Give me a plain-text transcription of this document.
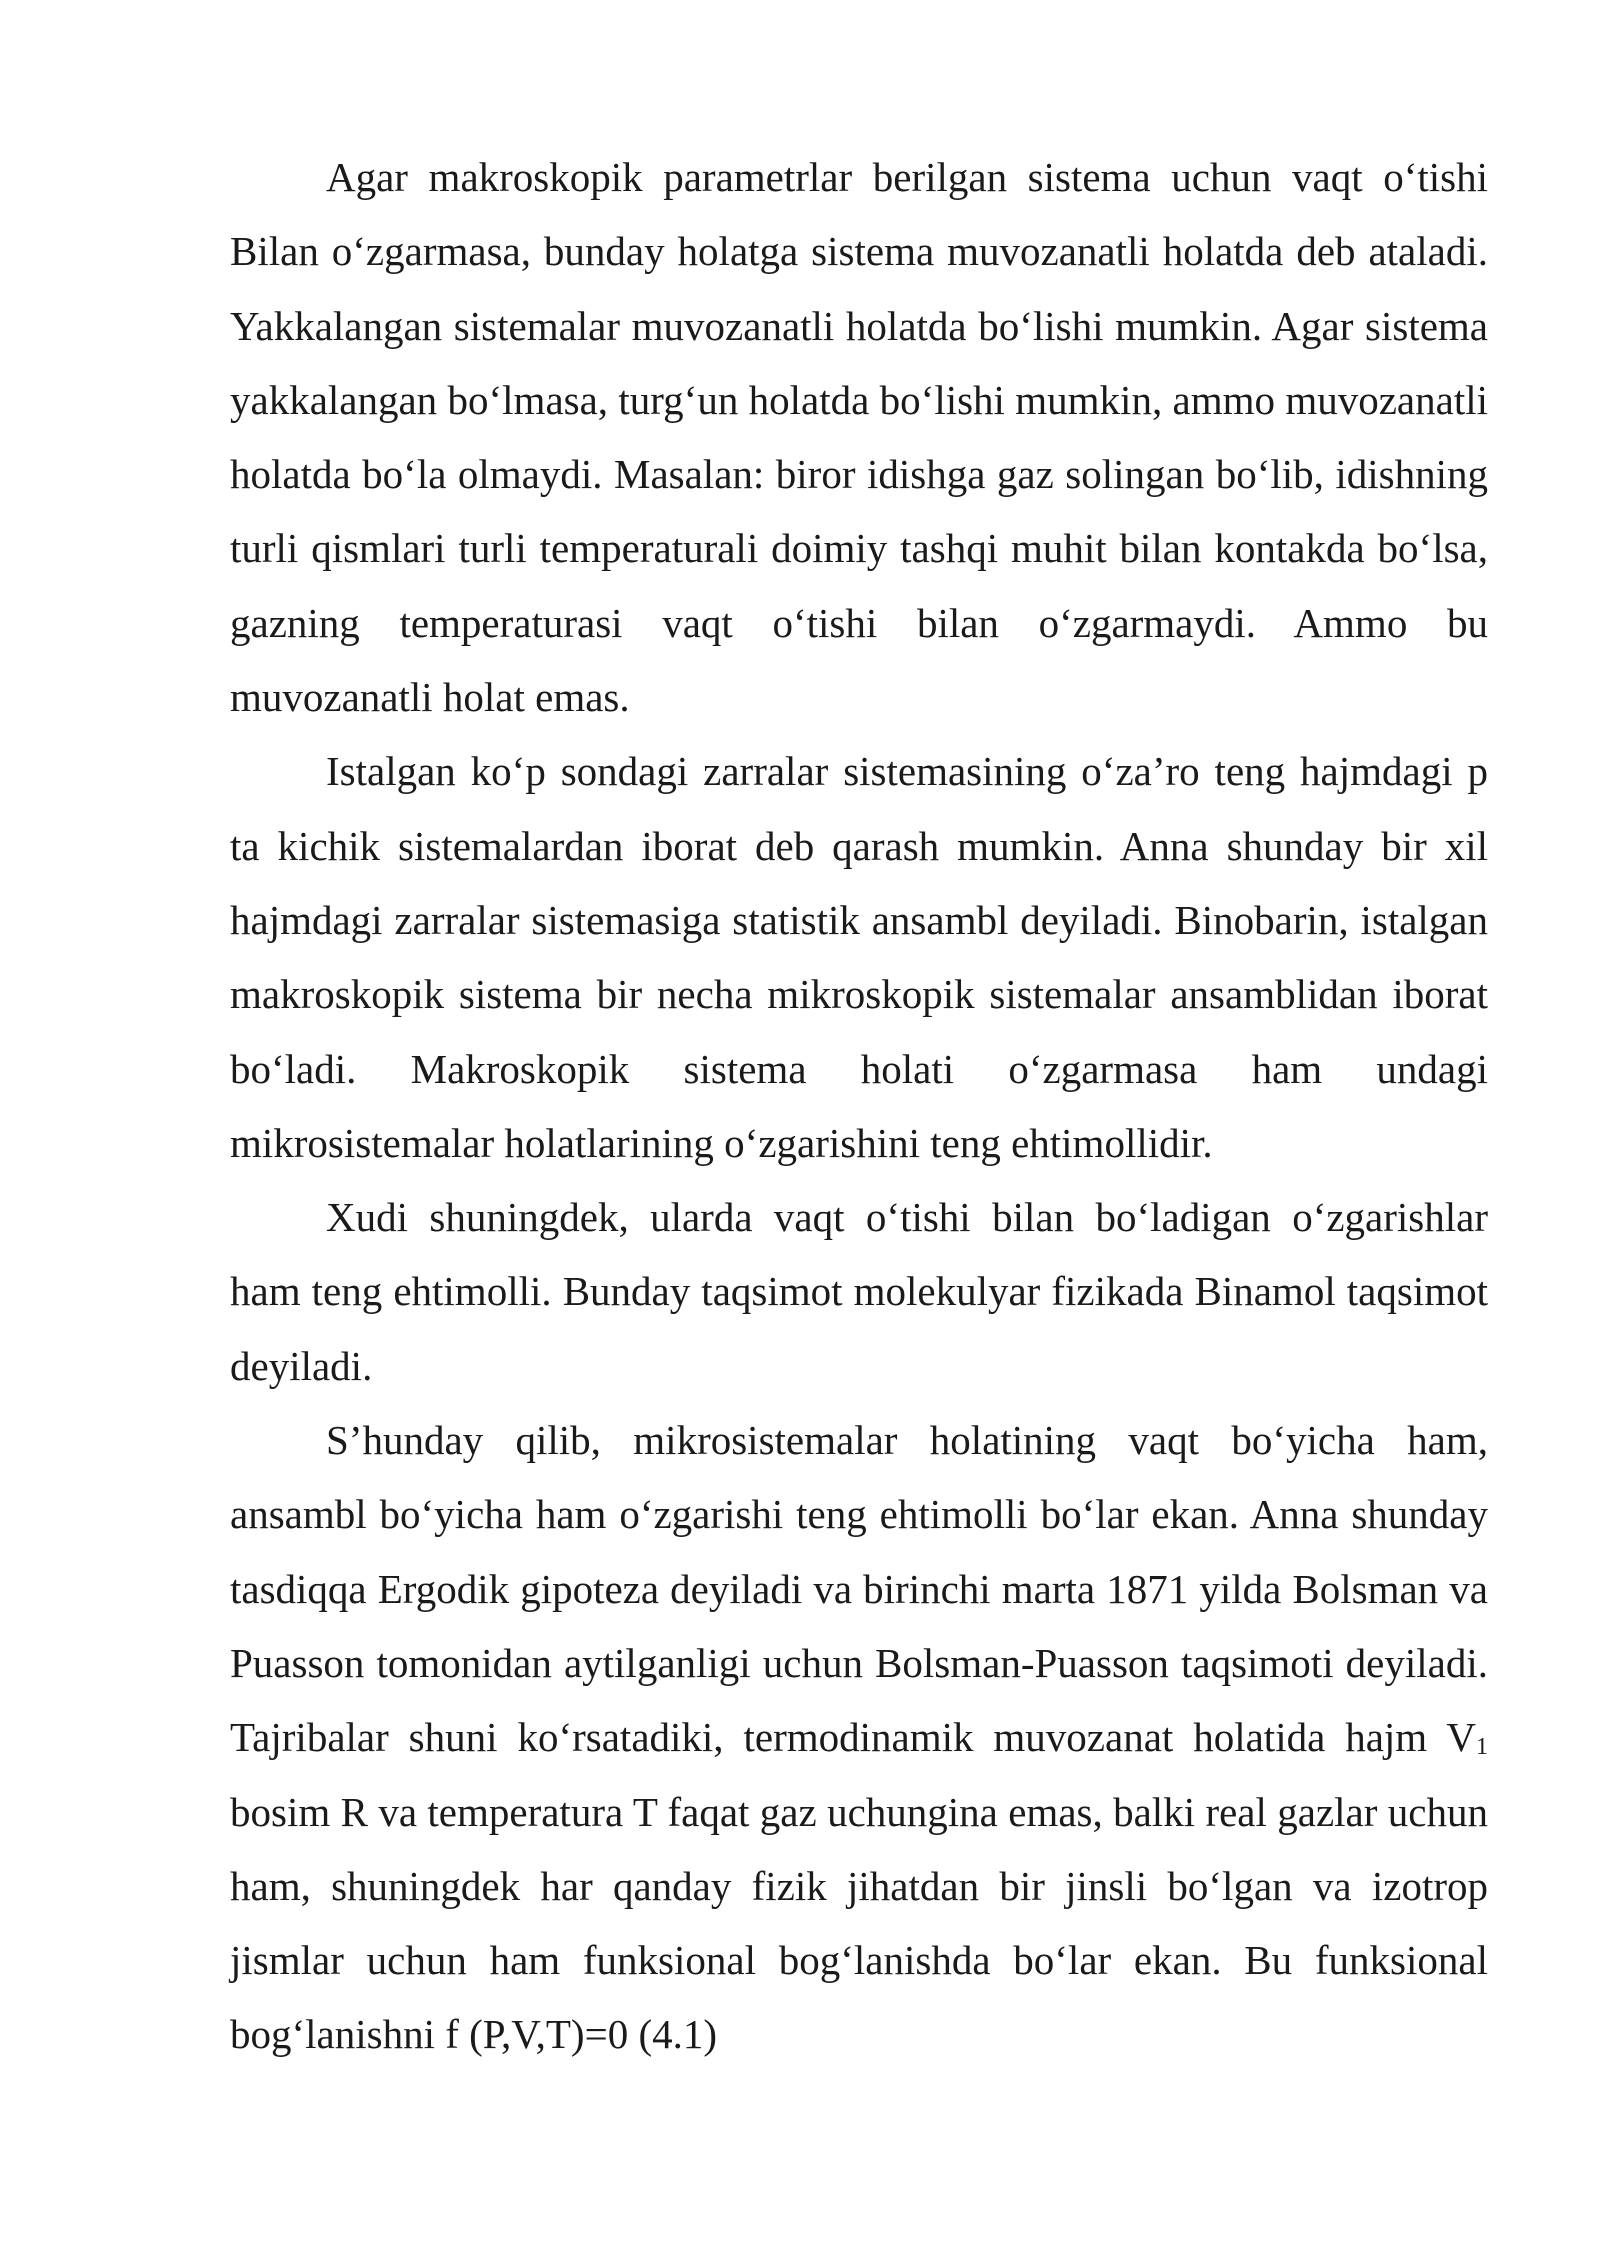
Agar makroskopik parametrlar berilgan sistema uchun vaqt o‘tishi Bilan o‘zgarmasa, bunday holatga sistema muvozanatli holatda deb ataladi. Yakkalangan sistemalar muvozanatli holatda bo‘lishi mumkin. Agar sistema yakkalangan bo‘lmasa, turg‘un holatda bo‘lishi mumkin, ammo muvozanatli holatda bo‘la olmaydi. Masalan: biror idishga gaz solingan bo‘lib, idishning turli qismlari turli temperaturali doimiy tashqi muhit bilan kontakda bo‘lsa, gazning temperaturasi vaqt o‘tishi bilan o‘zgarmaydi. Ammo bu muvozanatli holat emas.

Istalgan ko‘p sondagi zarralar sistemasining o‘za’ro teng hajmdagi p ta kichik sistemalardan iborat deb qarash mumkin. Anna shunday bir xil hajmdagi zarralar sistemasiga statistik ansambl deyiladi. Binobarin, istalgan makroskopik sistema bir necha mikroskopik sistemalar ansamblidan iborat bo‘ladi. Makroskopik sistema holati o‘zgarmasa ham undagi mikrosistemalar holatlarining o‘zgarishini teng ehtimollidir.

Xudi shuningdek, ularda vaqt o‘tishi bilan bo‘ladigan o‘zgarishlar ham teng ehtimolli. Bunday taqsimot molekulyar fizikada Binamol taqsimot deyiladi.

S’hunday qilib, mikrosistemalar holatining vaqt bo‘yicha ham, ansambl bo‘yicha ham o‘zgarishi teng ehtimolli bo‘lar ekan. Anna shunday tasdiqqa Ergodik gipoteza deyiladi va birinchi marta 1871 yilda Bolsman va Puasson tomonidan aytilganligi uchun Bolsman-Puasson taqsimoti deyiladi. Tajribalar shuni ko‘rsatadiki, termodinamik muvozanat holatida hajm $V_1$ bosim R va temperatura T faqat gaz uchungina emas, balki real gazlar uchun ham, shuningdek har qanday fizik jihatdan bir jinsli bo‘lgan va izotrop jismlar uchun ham funksional bog‘lanishda bo‘lar ekan. Bu funksional bog‘lanishni f (P,V,T)=0 (4.1)
